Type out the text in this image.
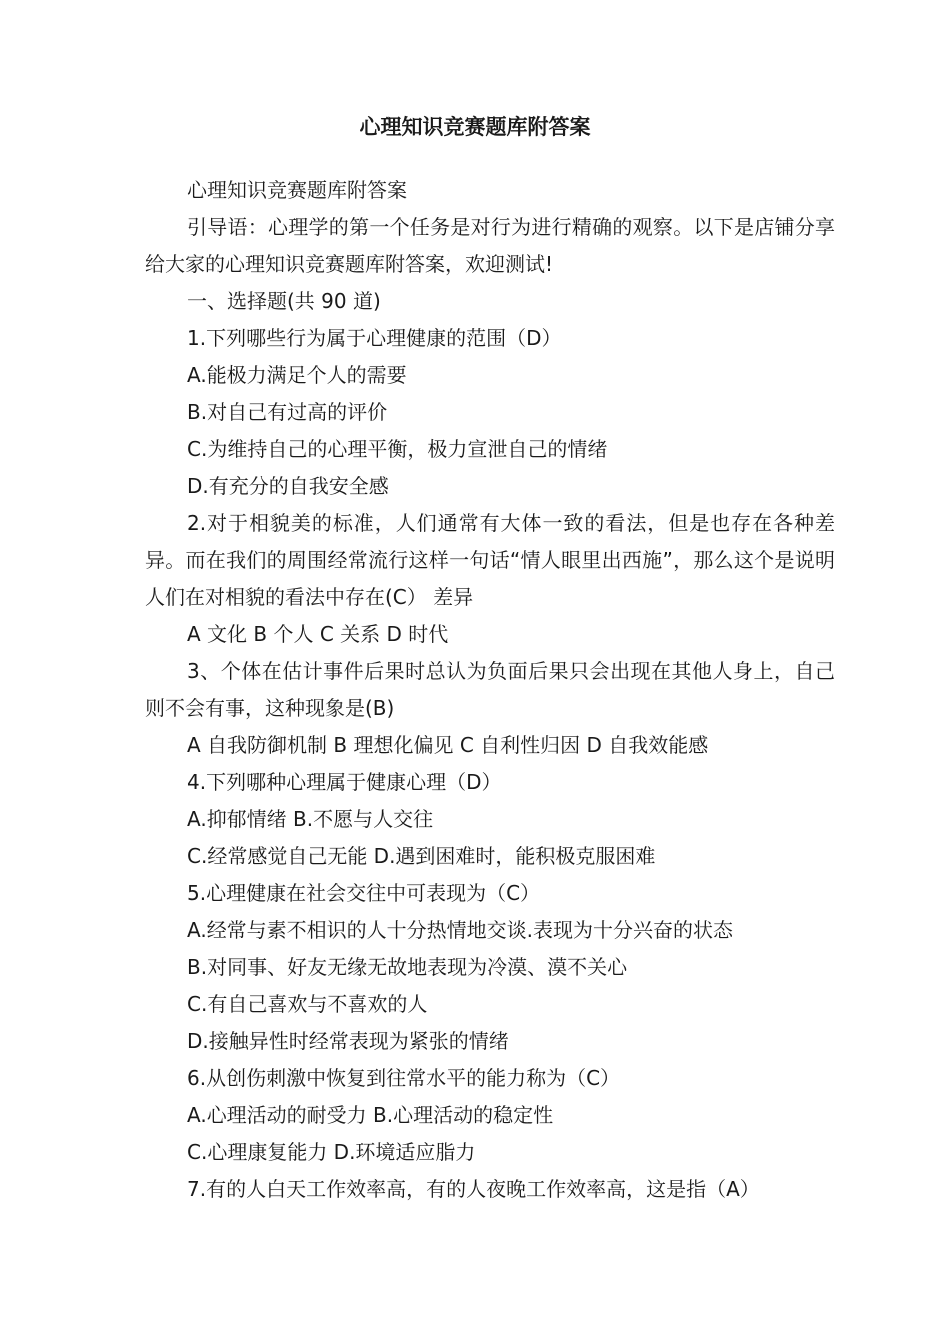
心理知识竞赛题库附答案

心理知识竞赛题库附答案

引导语：心理学的第一个任务是对行为进行精确的观察。以下是店铺分享给大家的心理知识竞赛题库附答案，欢迎测试!

一、选择题(共 90 道)

1.下列哪些行为属于心理健康的范围（D）

A.能极力满足个人的需要

B.对自己有过高的评价

C.为维持自己的心理平衡，极力宣泄自己的情绪

D.有充分的自我安全感

2.对于相貌美的标准，人们通常有大体一致的看法，但是也存在各种差异。而在我们的周围经常流行这样一句话“情人眼里出西施”，那么这个是说明人们在对相貌的看法中存在(C） 差异

A 文化 B 个人 C 关系 D 时代

3、个体在估计事件后果时总认为负面后果只会出现在其他人身上，自己则不会有事，这种现象是(B)

A 自我防御机制 B 理想化偏见 C 自利性归因 D 自我效能感

4.下列哪种心理属于健康心理（D）

A.抑郁情绪 B.不愿与人交往

C.经常感觉自己无能 D.遇到困难时，能积极克服困难

5.心理健康在社会交往中可表现为（C）

A.经常与素不相识的人十分热情地交谈.表现为十分兴奋的状态

B.对同事、好友无缘无故地表现为冷漠、漠不关心

C.有自己喜欢与不喜欢的人

D.接触异性时经常表现为紧张的情绪

6.从创伤刺激中恢复到往常水平的能力称为（C）

A.心理活动的耐受力 B.心理活动的稳定性

C.心理康复能力 D.环境适应脂力

7.有的人白天工作效率高，有的人夜晚工作效率高，这是指（A）
